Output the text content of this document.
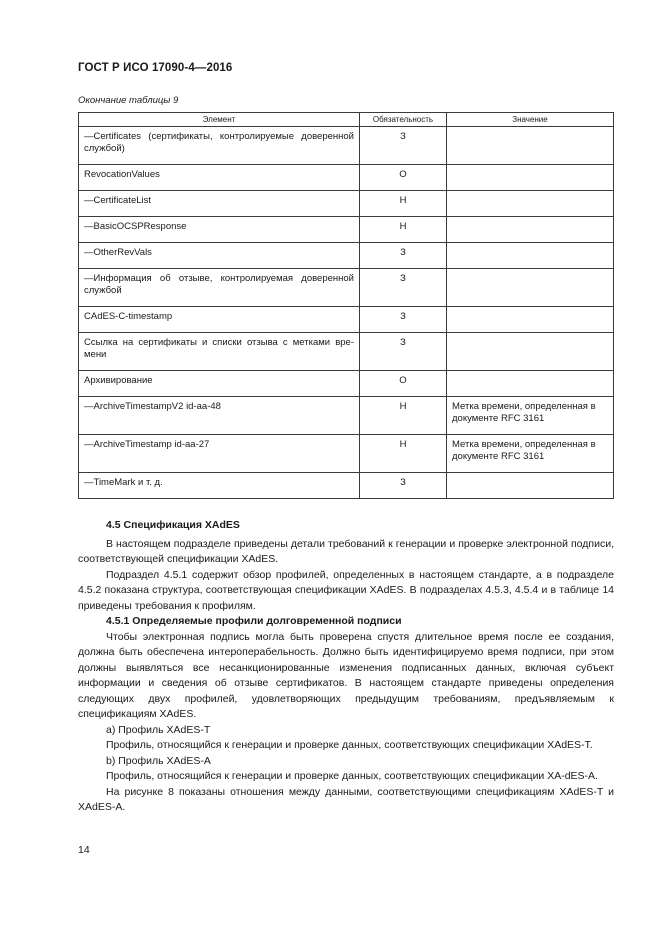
ГОСТ Р ИСО 17090-4—2016
Окончание таблицы 9
Элемент	Обязательность	Значение
—Certificates (сертификаты, контролируемые доверенной службой)	З	
RevocationValues	О	
—CertificateList	Н	
—BasicOCSPResponse	Н	
—OtherRevVals	З	
—Информация об отзыве, контролируемая доверенной службой	З	
CAdES-C-timestamp	З	
Ссылка на сертификаты и списки отзыва с метками вре-мени	З	
Архивирование	О	
—ArchiveTimestampV2 id-aa-48	Н	Метка времени, определенная в документе RFC 3161
—ArchiveTimestamp id-aa-27	Н	Метка времени, определенная в документе RFC 3161
—TimeMark и т. д.	З	
4.5 Спецификация XAdES

В настоящем подразделе приведены детали требований к генерации и проверке электронной подписи, соответствующей спецификации XAdES.

Подраздел 4.5.1 содержит обзор профилей, определенных в настоящем стандарте, а в подразделе 4.5.2 показана структура, соответствующая спецификации XAdES. В подразделах 4.5.3, 4.5.4 и в таблице 14 приведены требования к профилям.

4.5.1 Определяемые профили долговременной подписи

Чтобы электронная подпись могла быть проверена спустя длительное время после ее создания, должна быть обеспечена интероперабельность. Должно быть идентифицируемо время подписи, при этом должны выявляться все несанкционированные изменения подписанных данных, включая субъект информации и сведения об отзыве сертификатов. В настоящем стандарте приведены определения следующих двух профилей, удовлетворяющих предыдущим требованиям, предъявляемым к спецификациям XAdES.

a) Профиль XAdES-T

Профиль, относящийся к генерации и проверке данных, соответствующих спецификации XAdES-T.

b) Профиль XAdES-A

Профиль, относящийся к генерации и проверке данных, соответствующих спецификации XA-dES-A.

На рисунке 8 показаны отношения между данными, соответствующими спецификациям XAdES-T и XAdES-A.

14
